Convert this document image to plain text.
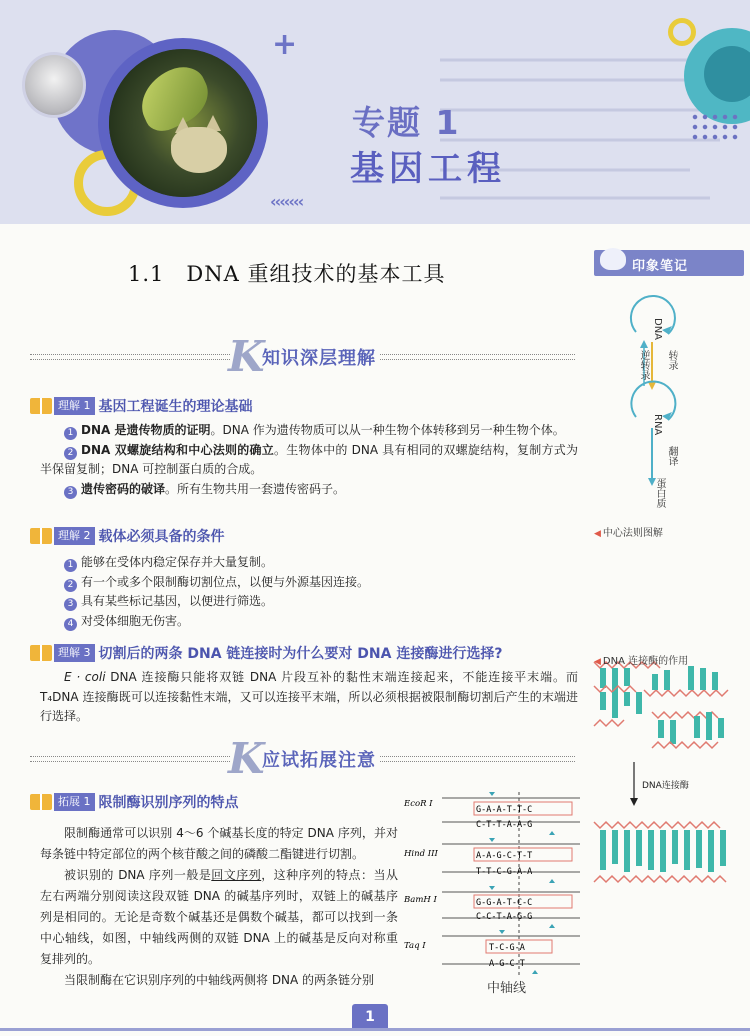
+
‹‹‹‹‹‹‹
专题 1
基因工程
1.1 DNA 重组技术的基本工具
K
知识深层理解
理解 1 基因工程诞生的理论基础
1 DNA 是遗传物质的证明。DNA 作为遗传物质可以从一种生物个体转移到另一种生物个体。
2 DNA 双螺旋结构和中心法则的确立。生物体中的 DNA 具有相同的双螺旋结构，复制方式为半保留复制；DNA 可控制蛋白质的合成。
3 遗传密码的破译。所有生物共用一套遗传密码子。
理解 2 载体必须具备的条件
1 能够在受体内稳定保存并大量复制。
2 有一个或多个限制酶切割位点，以便与外源基因连接。
3 具有某些标记基因，以便进行筛选。
4 对受体细胞无伤害。
理解 3 切割后的两条 DNA 链连接时为什么要对 DNA 连接酶进行选择?
E · coli DNA 连接酶只能将双链 DNA 片段互补的黏性末端连接起来，不能连接平末端。而 T₄DNA 连接酶既可以连接黏性末端，又可以连接平末端，所以必须根据被限制酶切割后产生的末端进行选择。
K
应试拓展注意
拓展 1 限制酶识别序列的特点
限制酶通常可以识别 4～6 个碱基长度的特定 DNA 序列，并对每条链中特定部位的两个核苷酸之间的磷酸二酯键进行切割。
被识别的 DNA 序列一般是回文序列，这种序列的特点：当从左右两端分别阅读这段双链 DNA 的碱基序列时，双链上的碱基序列是相同的。无论是奇数个碱基还是偶数个碱基，都可以找到一条中心轴线，如图，中轴线两侧的双链 DNA 上的碱基是反向对称重复排列的。
当限制酶在它识别序列的中轴线两侧将 DNA 的两条链分别
EcoR I
G-A-A-T-T-C
C-T-T-A-A-G
Hind III	A-A-G-C-T-T
T-T-C-G-A-A
BamH I	G-G-A-T-C-C
C-C-T-A-G-G
Taq I	T-C-G-A
A-G-C-T
中轴线
印象笔记
DNA
转录
逆转录
RNA
翻译
蛋白质
◀ 中心法则图解
◀ DNA 连接酶的作用
DNA连接酶
1
